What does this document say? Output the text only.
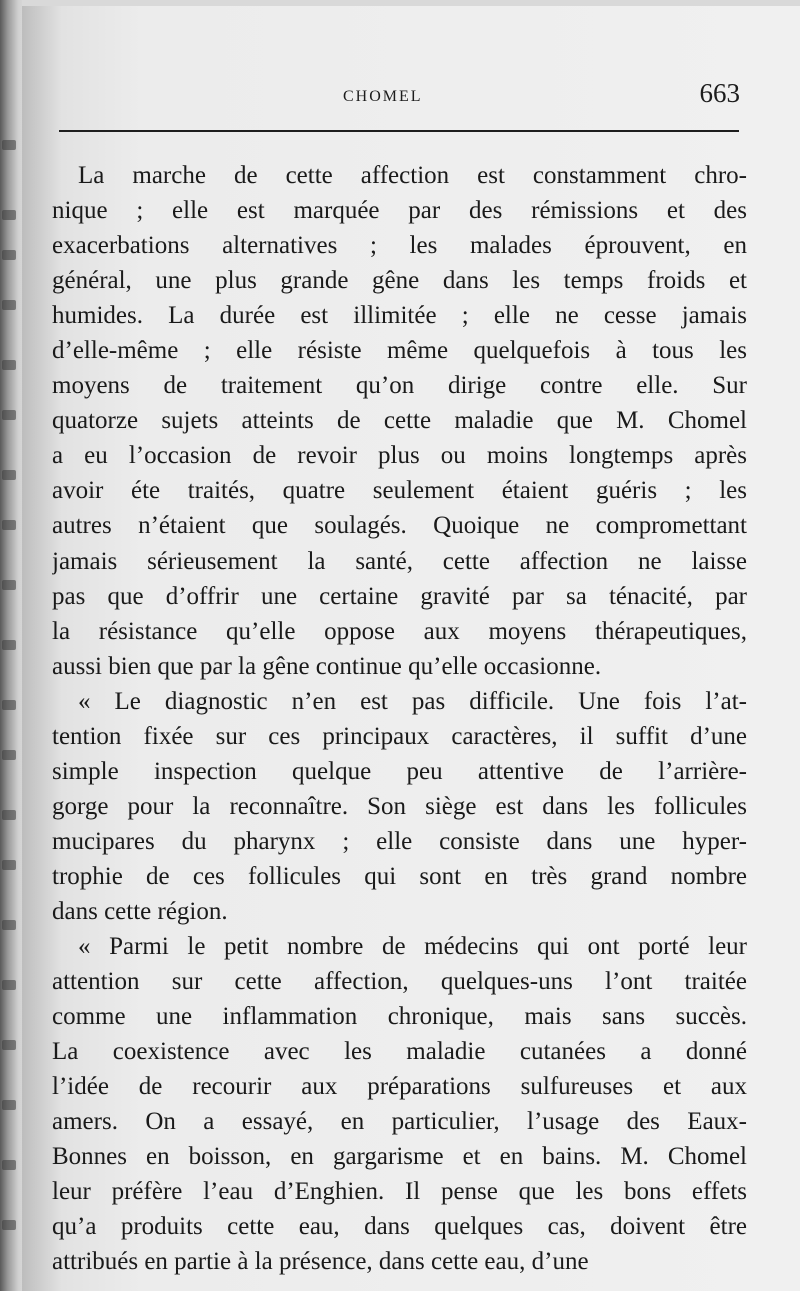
CHOMEL	663
La marche de cette affection est constamment chro-
nique ; elle est marquée par des rémissions et des
exacerbations alternatives ; les malades éprouvent, en
général, une plus grande gêne dans les temps froids et
humides. La durée est illimitée ; elle ne cesse jamais
d’elle-même ; elle résiste même quelquefois à tous les
moyens de traitement qu’on dirige contre elle. Sur
quatorze sujets atteints de cette maladie que M. Chomel
a eu l’occasion de revoir plus ou moins longtemps après
avoir éte traités, quatre seulement étaient guéris ; les
autres n’étaient que soulagés. Quoique ne compromettant
jamais sérieusement la santé, cette affection ne laisse
pas que d’offrir une certaine gravité par sa ténacité, par
la résistance qu’elle oppose aux moyens thérapeutiques,
aussi bien que par la gêne continue qu’elle occasionne.
« Le diagnostic n’en est pas difficile. Une fois l’at-
tention fixée sur ces principaux caractères, il suffit d’une
simple inspection quelque peu attentive de l’arrière-
gorge pour la reconnaître. Son siège est dans les follicules
mucipares du pharynx ; elle consiste dans une hyper-
trophie de ces follicules qui sont en très grand nombre
dans cette région.
« Parmi le petit nombre de médecins qui ont porté leur
attention sur cette affection, quelques-uns l’ont traitée
comme une inflammation chronique, mais sans succès.
La coexistence avec les maladie cutanées a donné
l’idée de recourir aux préparations sulfureuses et aux
amers. On a essayé, en particulier, l’usage des Eaux-
Bonnes en boisson, en gargarisme et en bains. M. Chomel
leur préfère l’eau d’Enghien. Il pense que les bons effets
qu’a produits cette eau, dans quelques cas, doivent être
attribués en partie à la présence, dans cette eau, d’une
